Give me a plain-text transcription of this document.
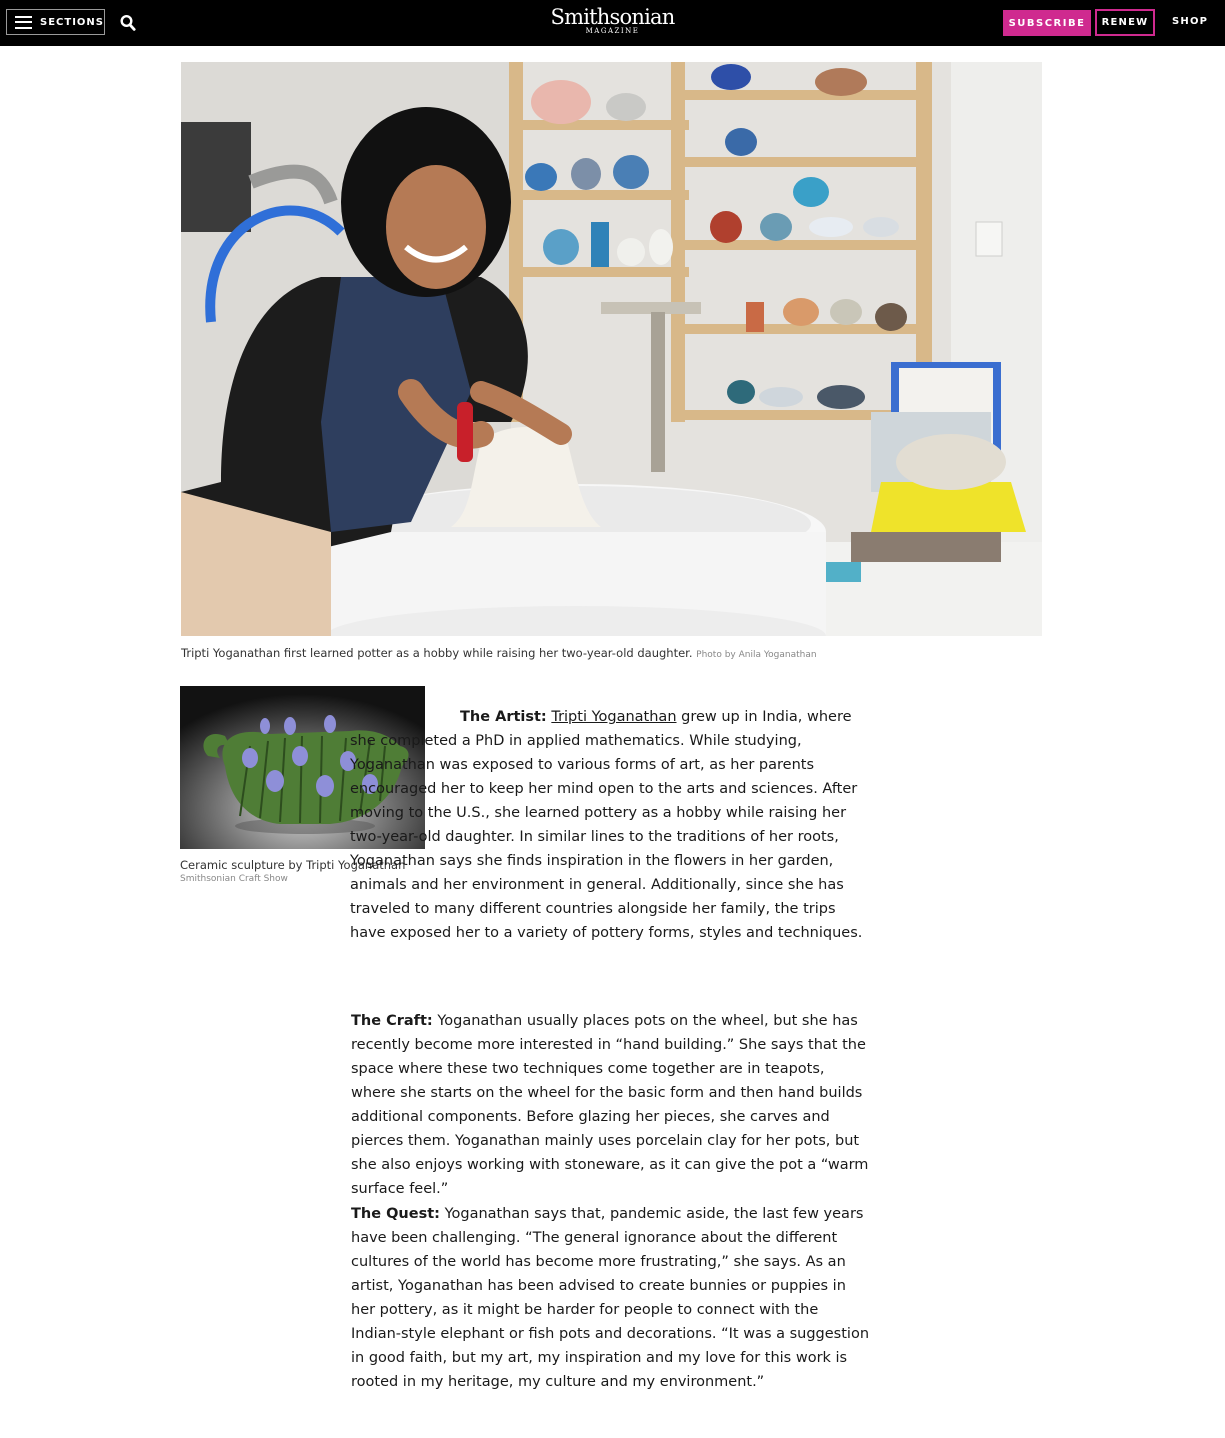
SECTIONS	Smithsonian
MAGAZINE
SUBSCRIBE	RENEW	SHOP
Tripti Yoganathan first learned potter as a hobby while raising her two-year-old daughter. Photo by Anila Yoganathan
Ceramic sculpture by Tripti Yoganathan
Smithsonian Craft Show

The Artist: Tripti Yoganathan grew up in India, where she completed a PhD in applied mathematics. While studying, Yoganathan was exposed to various forms of art, as her parents encouraged her to keep her mind open to the arts and sciences. After moving to the U.S., she learned pottery as a hobby while raising her two-year-old daughter. In similar lines to the traditions of her roots, Yoganathan says she finds inspiration in the flowers in her garden, animals and her environment in general. Additionally, since she has traveled to many different countries alongside her family, the trips have exposed her to a variety of pottery forms, styles and techniques.

The Craft: Yoganathan usually places pots on the wheel, but she has recently become more interested in “hand building.” She says that the space where these two techniques come together are in teapots, where she starts on the wheel for the basic form and then hand builds additional components. Before glazing her pieces, she carves and pierces them. Yoganathan mainly uses porcelain clay for her pots, but she also enjoys working with stoneware, as it can give the pot a “warm surface feel.”

The Quest: Yoganathan says that, pandemic aside, the last few years have been challenging. “The general ignorance about the different cultures of the world has become more frustrating,” she says. As an artist, Yoganathan has been advised to create bunnies or puppies in her pottery, as it might be harder for people to connect with the Indian-style elephant or fish pots and decorations. “It was a suggestion in good faith, but my art, my inspiration and my love for this work is rooted in my heritage, my culture and my environment.”
